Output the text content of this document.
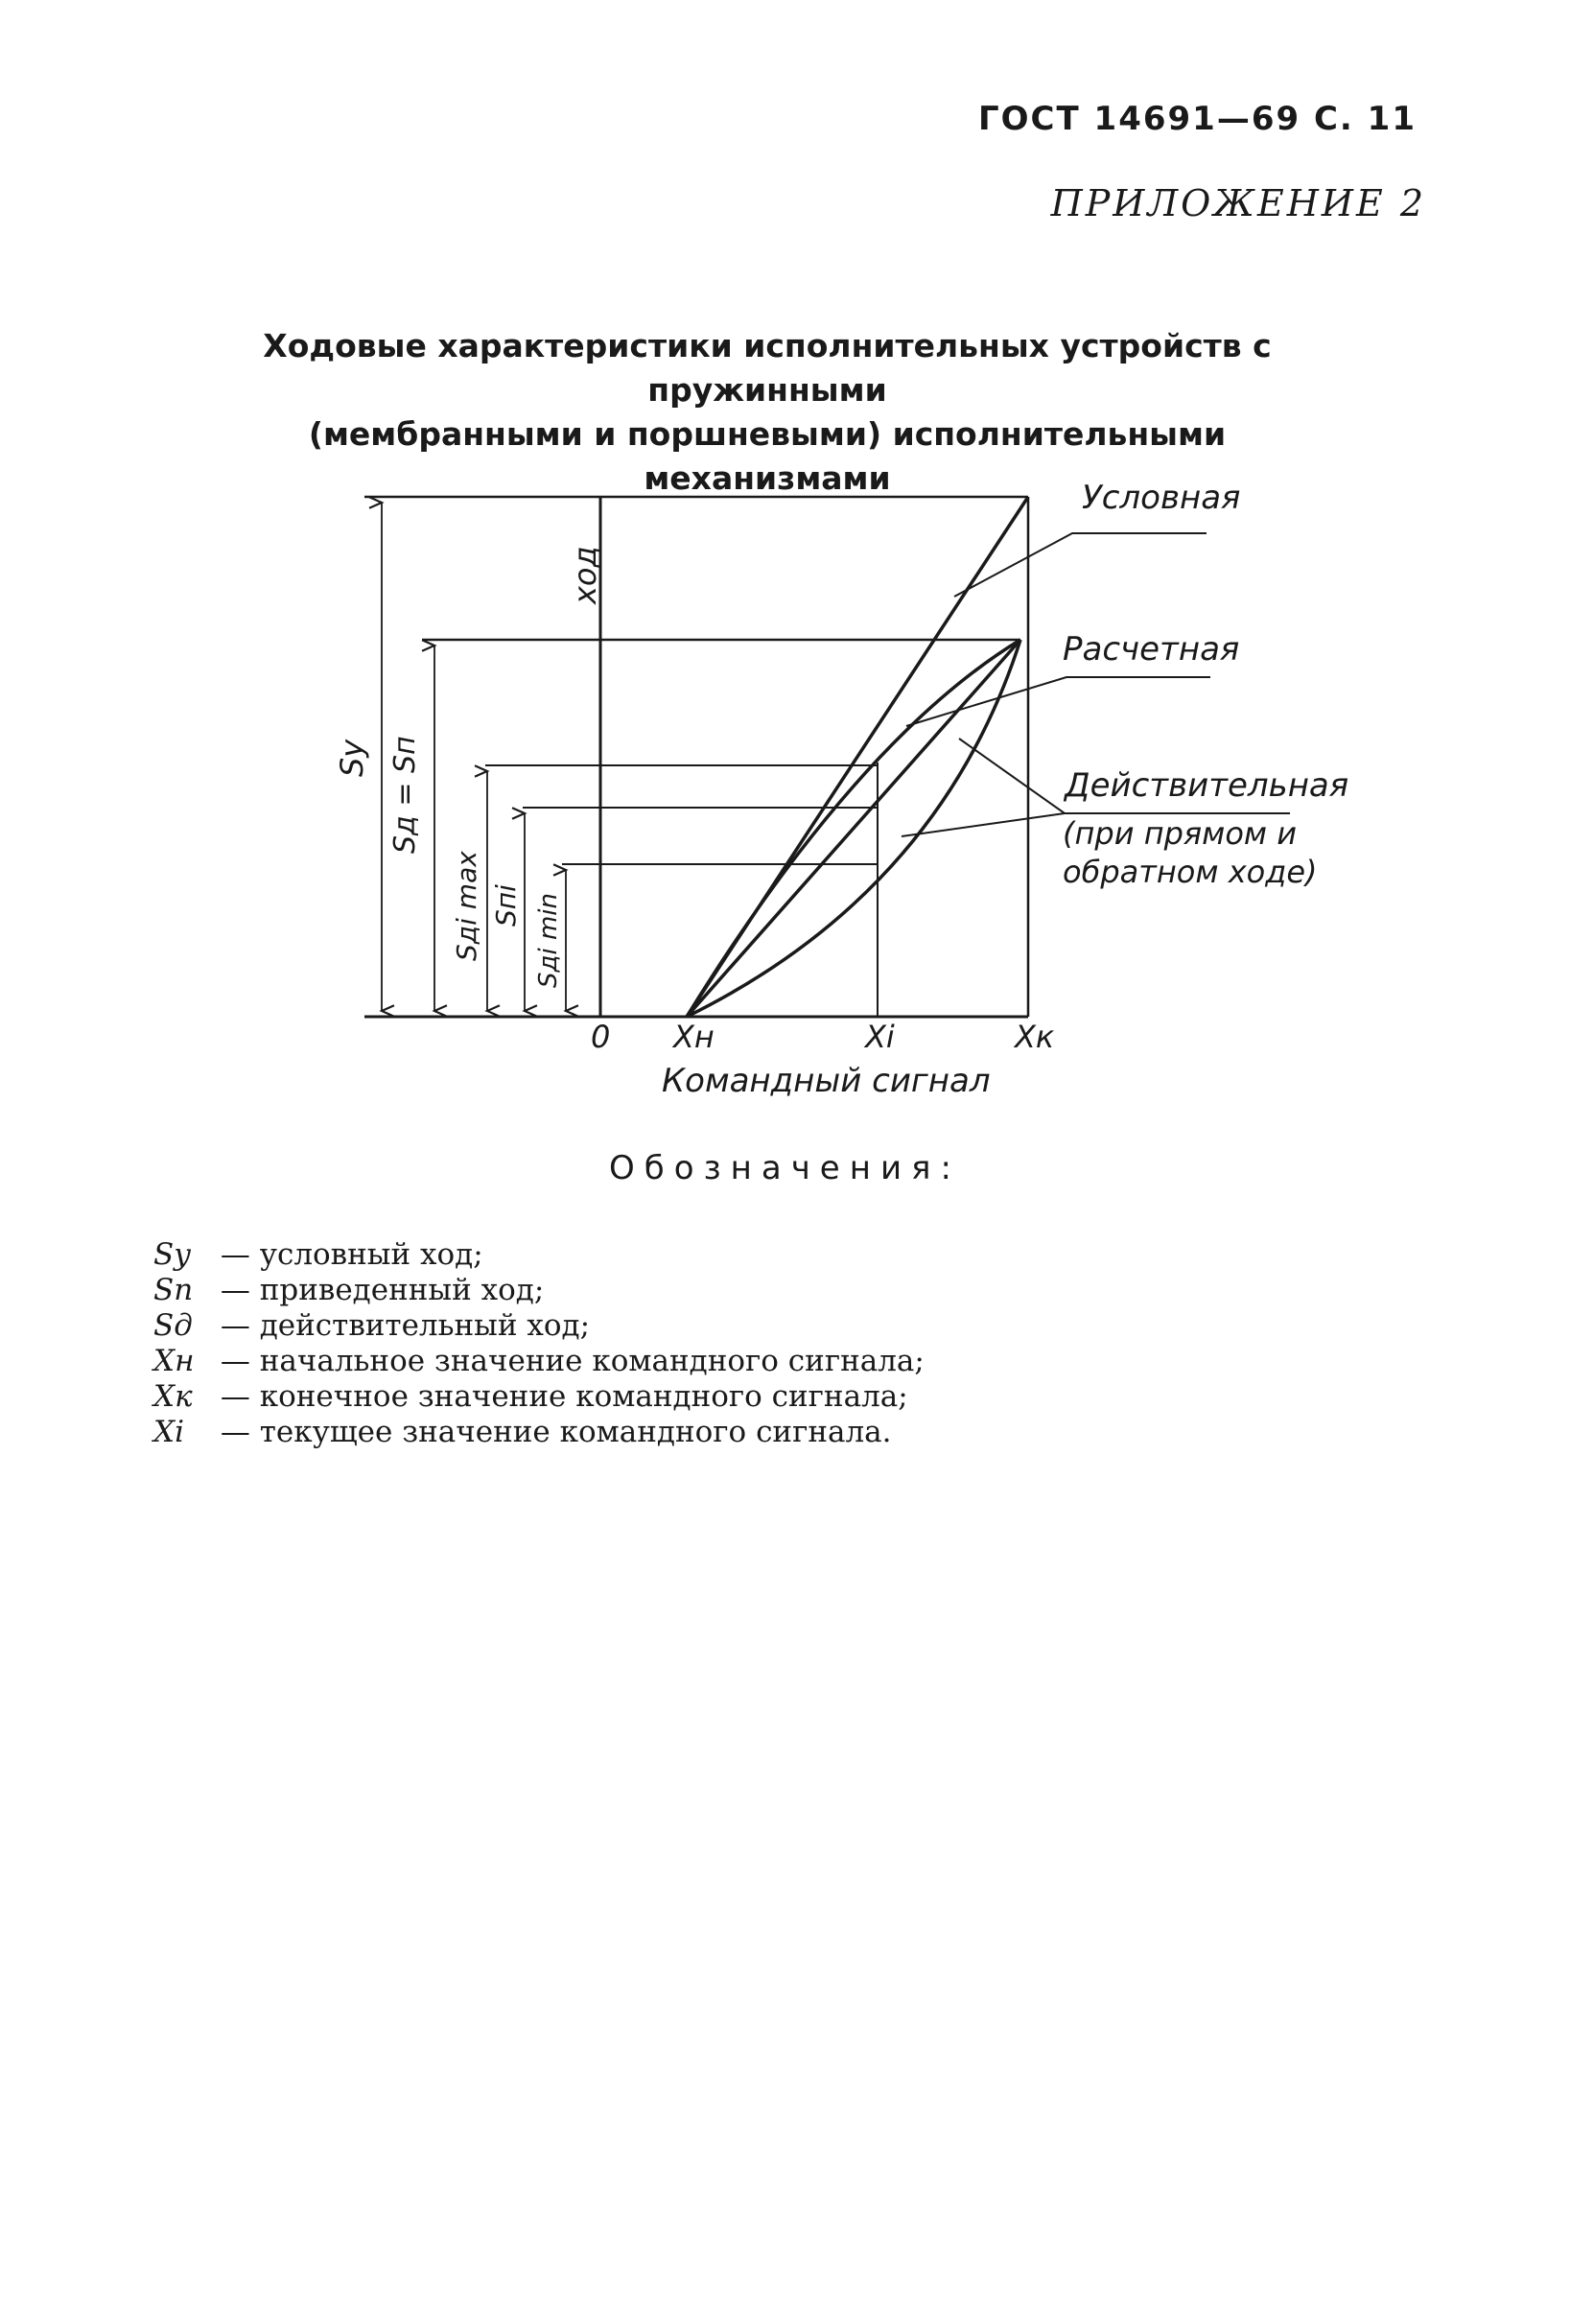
ГОСТ 14691—69 С. 11
ПРИЛОЖЕНИЕ 2
Ходовые характеристики исполнительных устройств с пружинными
(мембранными и поршневыми) исполнительными механизмами
ход
0 Xн	Xi	Xк
Командный сигнал
Условная
Расчетная
Действительная
(при прямом и
обратном ходе)
Sy Sд = Sп
Sдi max Sпi Sдi min
Обозначения:
Sу — условный ход;
Sп — приведенный ход;
Sд — действительный ход;
Xн — начальное значение командного сигнала;
Xк — конечное значение командного сигнала;
Xi — текущее значение командного сигнала.
